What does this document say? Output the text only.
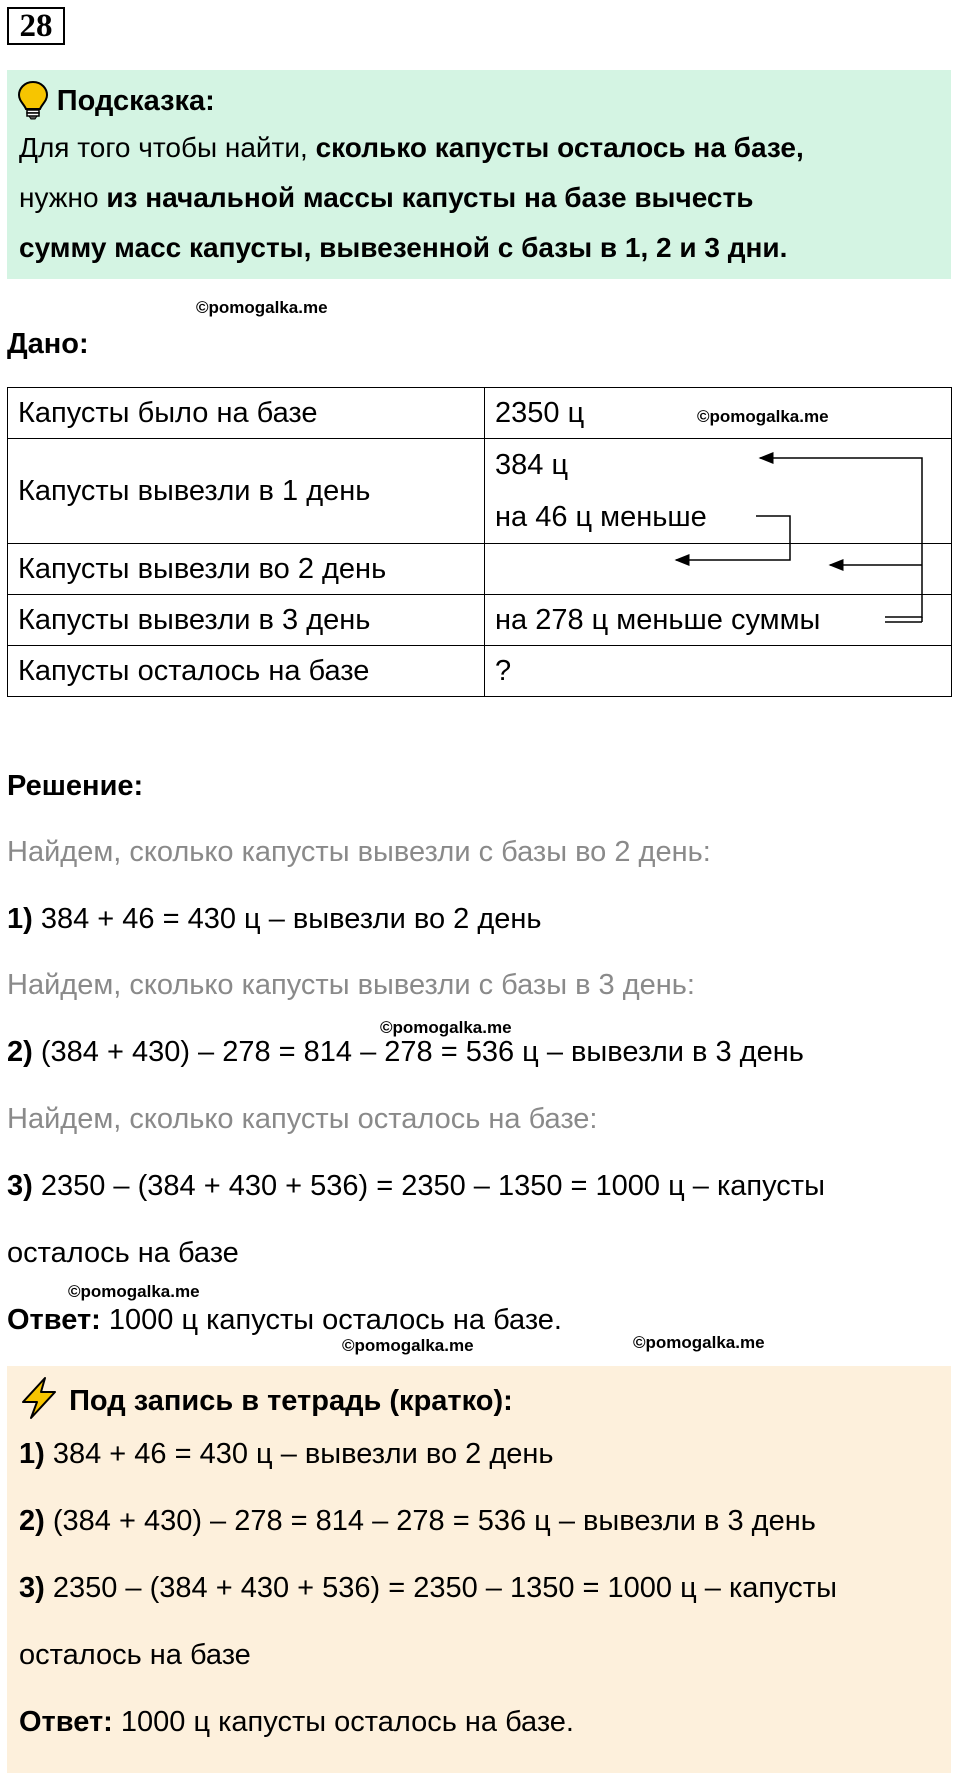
28
Подсказка:
Для того чтобы найти, сколько капусты осталось на базе,
нужно из начальной массы капусты на базе вычесть
сумму масс капусты, вывезенной с базы в 1, 2 и 3 дни.
©pomogalka.me
©pomogalka.me
©pomogalka.me
©pomogalka.me
©pomogalka.me	©pomogalka.me
Дано:
Капусты было на базе	2350 ц
Капусты вывезли в 1 день	384 ц
на 46 ц меньше

Капусты вывезли во 2 день	
Капусты вывезли в 3 день	на 278 ц меньше суммы
Капусты осталось на базе	?
Решение:
Найдем, сколько капусты вывезли с базы во 2 день:
1) 384 + 46 = 430 ц – вывезли во 2 день
Найдем, сколько капусты вывезли с базы в 3 день:
2) (384 + 430) – 278 = 814 – 278 = 536 ц – вывезли в 3 день
Найдем, сколько капусты осталось на базе:
3) 2350 – (384 + 430 + 536) = 2350 – 1350 = 1000 ц – капусты
осталось на базе
Ответ: 1000 ц капусты осталось на базе.
Под запись в тетрадь (кратко):
1) 384 + 46 = 430 ц – вывезли во 2 день
2) (384 + 430) – 278 = 814 – 278 = 536 ц – вывезли в 3 день
3) 2350 – (384 + 430 + 536) = 2350 – 1350 = 1000 ц – капусты
осталось на базе
Ответ: 1000 ц капусты осталось на базе.
